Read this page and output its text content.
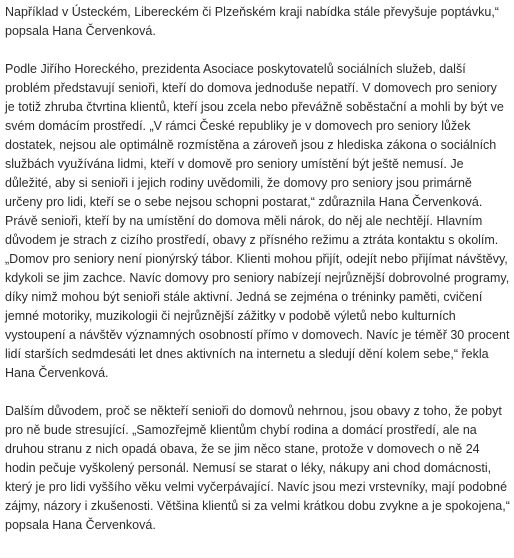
Například v Ústeckém, Libereckém či Plzeňském kraji nabídka stále převyšuje poptávku,“ popsala Hana Červenková.

Podle Jiřího Horeckého, prezidenta Asociace poskytovatelů sociálních služeb, další problém představují senioři, kteří do domova jednoduše nepatří. V domovech pro seniory je totiž zhruba čtvrtina klientů, kteří jsou zcela nebo převážně soběstační a mohli by být ve svém domácím prostředí. „V rámci České republiky je v domovech pro seniory lůžek dostatek, nejsou ale optimálně rozmístěna a zároveň jsou z hlediska zákona o sociálních službách využívána lidmi, kteří v domově pro seniory umístění být ještě nemusí. Je důležité, aby si senioři i jejich rodiny uvědomili, že domovy pro seniory jsou primárně určeny pro lidi, kteří se o sebe nejsou schopni postarat,“ zdůraznila Hana Červenková.

Právě senioři, kteří by na umístění do domova měli nárok, do něj ale nechtějí. Hlavním důvodem je strach z cizího prostředí, obavy z přísného režimu a ztráta kontaktu s okolím. „Domov pro seniory není pionýrský tábor. Klienti mohou přijít, odejít nebo přijímat návštěvy, kdykoli se jim zachce. Navíc domovy pro seniory nabízejí nejrůznější dobrovolné programy, díky nimž mohou být senioři stále aktivní. Jedná se zejména o tréninky paměti, cvičení jemné motoriky, muzikologii či nejrůznější zážitky v podobě výletů nebo kulturních vystoupení a návštěv významných osobností přímo v domovech. Navíc je téměř 30 procent lidí starších sedmdesáti let dnes aktivních na internetu a sledují dění kolem sebe,“ řekla Hana Červenková.

Dalším důvodem, proč se někteří senioři do domovů nehrnou, jsou obavy z toho, že pobyt pro ně bude stresující. „Samozřejmě klientům chybí rodina a domácí prostředí, ale na druhou stranu z nich opadá obava, že se jim něco stane, protože v domovech o ně 24 hodin pečuje vyškolený personál. Nemusí se starat o léky, nákupy ani chod domácnosti, který je pro lidi vyššího věku velmi vyčerpávající. Navíc jsou mezi vrstevníky, mají podobné zájmy, názory i zkušenosti. Většina klientů si za velmi krátkou dobu zvykne a je spokojena,“ popsala Hana Červenková.
